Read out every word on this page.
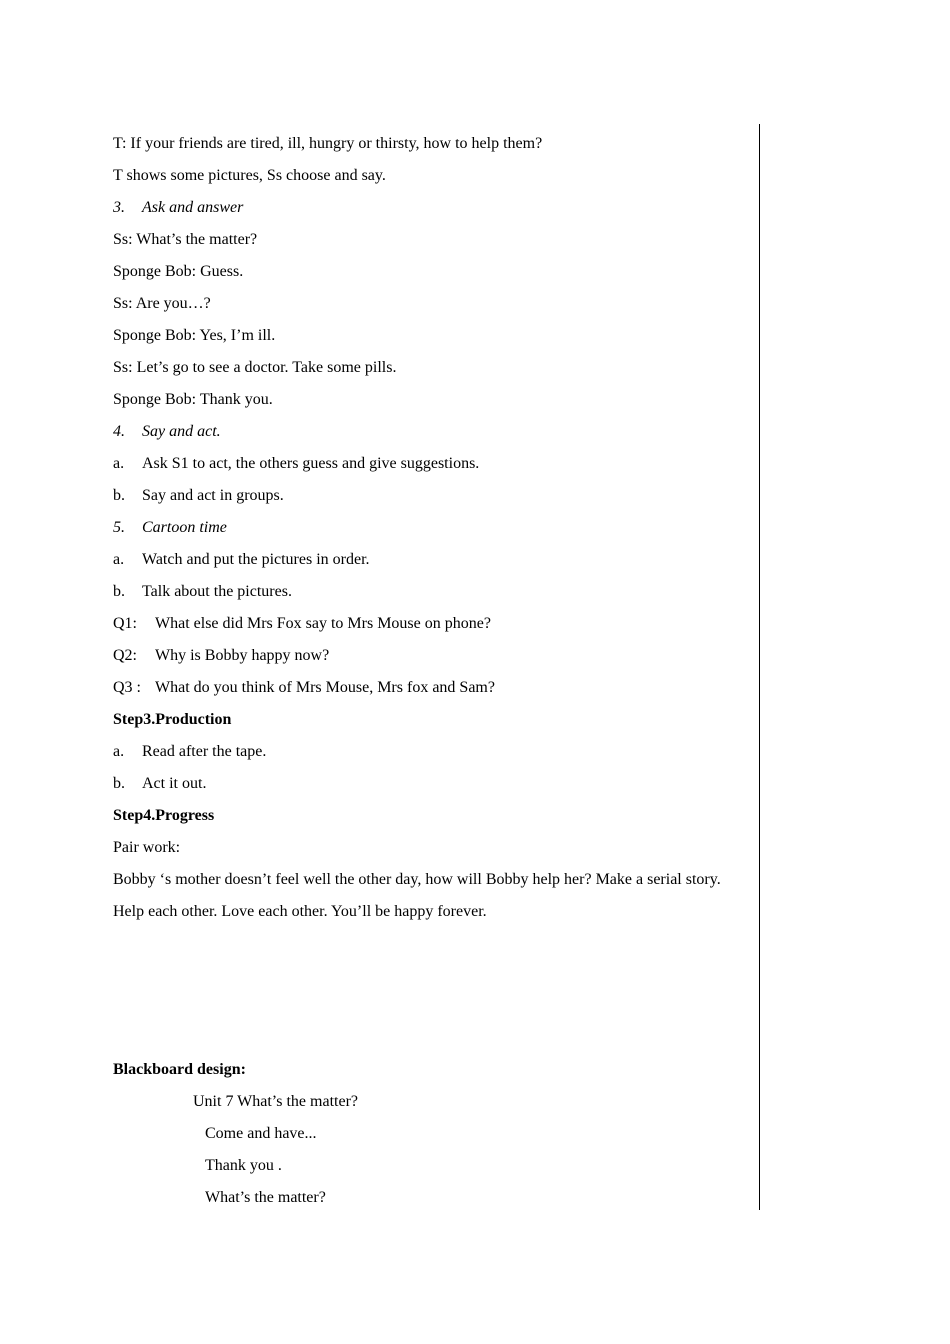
T: If your friends are tired, ill, hungry or thirsty, how to help them?
T shows some pictures, Ss choose and say.
3. Ask and answer
Ss: What’s the matter?
Sponge Bob: Guess.
Ss: Are you…?
Sponge Bob: Yes, I’m ill.
Ss: Let’s go to see a doctor. Take some pills.
Sponge Bob: Thank you.
4. Say and act.
a. Ask S1 to act, the others guess and give suggestions.
b. Say and act in groups.
5. Cartoon time
a. Watch and put the pictures in order.
b. Talk about the pictures.
Q1: What else did Mrs Fox say to Mrs Mouse on phone?
Q2: Why is Bobby happy now?
Q3 : What do you think of Mrs Mouse, Mrs fox and Sam?
Step3.Production
a. Read after the tape.
b. Act it out.
Step4.Progress
Pair work:
Bobby ‘s mother doesn’t feel well the other day, how will Bobby help her? Make a serial story.
Help each other. Love each other. You’ll be happy forever.
Blackboard design:
Unit 7 What’s the matter?
Come and have...
Thank you .
What’s the matter?
